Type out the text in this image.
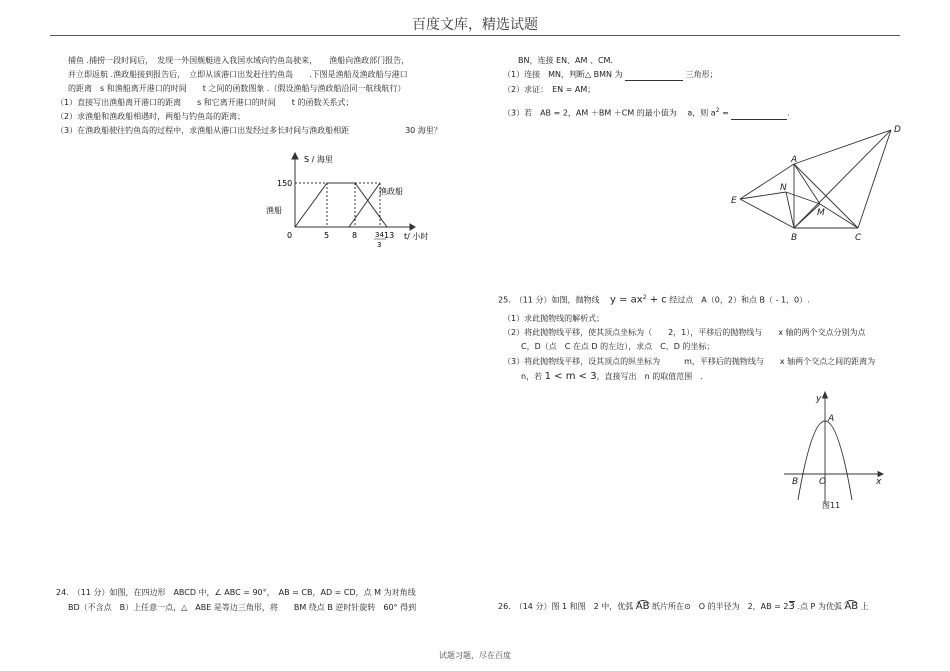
百度文库，精选试题
捕鱼 .捕捞一段时间后，　发现一外国舰艇进入我国水域向钓鱼岛驶来，　　渔船向渔政部门报告，
并立即返航 .渔政船接到报告后，　立即从该港口出发赶往钓鱼岛　　.下图是渔船及渔政船与港口
的距离　s 和渔船离开港口的时间　　t 之间的函数图象 .（假设渔船与渔政船沿同一航线航行）
（1）直接写出渔船离开港口的距离　　s 和它离开港口的时间　　t 的函数关系式；
（2）求渔船和渔政船相遇时，两船与钓鱼岛的距离；
（3）在渔政船驶往钓鱼岛的过程中，求渔船从港口出发经过多长时间与渔政船相距　　　　　　　30 海里？
S / 海里
t/ 小时
0
150
5	8	34
3
13
渔船
渔政船
24.　（11 分）如图，在四边形　ABCD 中，∠ ABC = 90°，　AB = CB，AD = CD，点 M 为对角线
BD（不含点　B）上任意一点，△　ABE 是等边三角形，将　　BM 绕点 B 逆时针旋转　60° 得到
BN，连接 EN、AM 、CM.
（1）连接　MN，判断△ BMN 为	三角形；
（2）求证：　EN = AM；
（3）若　AB = 2，AM ＋BM ＋CM 的最小值为　 a，则 $a^2$ =	.
D
A
N
E
M
B	C
25.　（11 分）如图，抛物线　 $y = ax^2 + c$ 经过点　A（0，2）和点 B（ - 1，0）.
（1）求此抛物线的解析式；
（2）将此抛物线平移，使其顶点坐标为（　　2，1），平移后的抛物线与　　x 轴的两个交点分别为点
C，D（点　C 在点 D 的左边），求点　C，D 的坐标；
（3）将此抛物线平移，设其顶点的纵坐标为　　　m，平移后的抛物线与　　x 轴两个交点之间的距离为
n，若 1 < m < 3，直接写出　n 的取值范围　.
y
x
A
B O
图11
26.　（14 分）图 1 和图　2 中，优弧 AB 纸片所在⊙　O 的半径为　2，AB = 23 .点 P 为优弧 AB 上
试题习题，尽在百度
